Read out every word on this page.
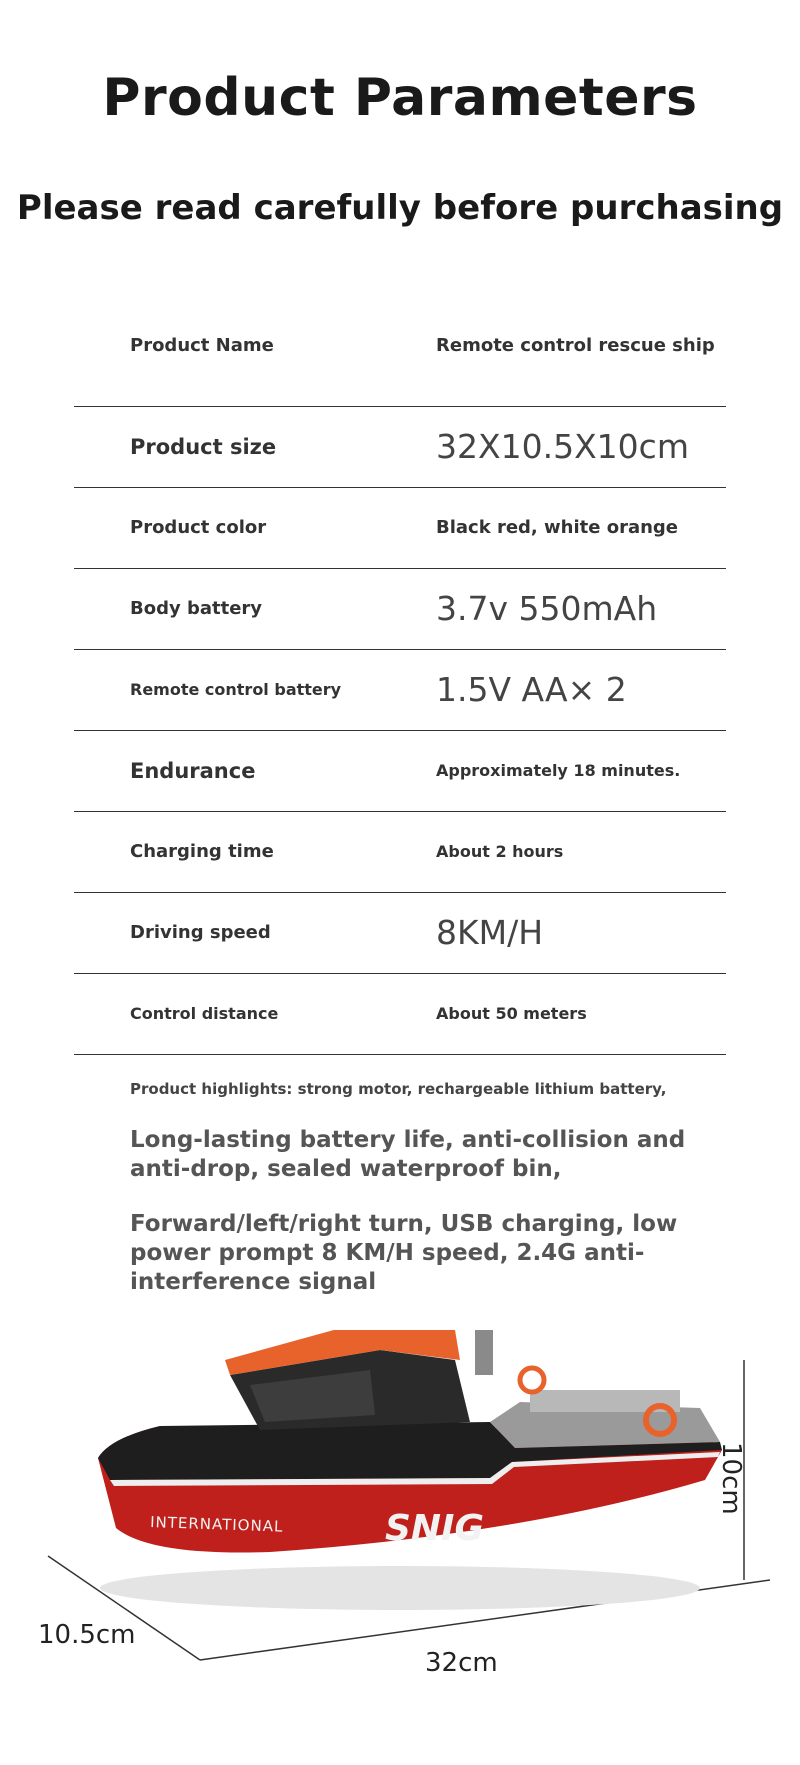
Product Parameters
Please read carefully before purchasing
Product Name	Remote control rescue ship
Product size	32X10.5X10cm
Product color	Black red, white orange
Body battery	3.7v 550mAh
Remote control battery	1.5V AA× 2
Endurance	Approximately 18 minutes.
Charging time	About 2 hours
Driving speed	8KM/H
Control distance	About 50 meters
Product highlights: strong motor, rechargeable lithium battery,
Long-lasting battery life, anti-collision and anti-drop, sealed waterproof bin,
Forward/left/right turn, USB charging, low power prompt 8 KM/H speed, 2.4G anti-interference signal
INTERNATIONAL	SNIG
10.5cm
32cm
10cm
